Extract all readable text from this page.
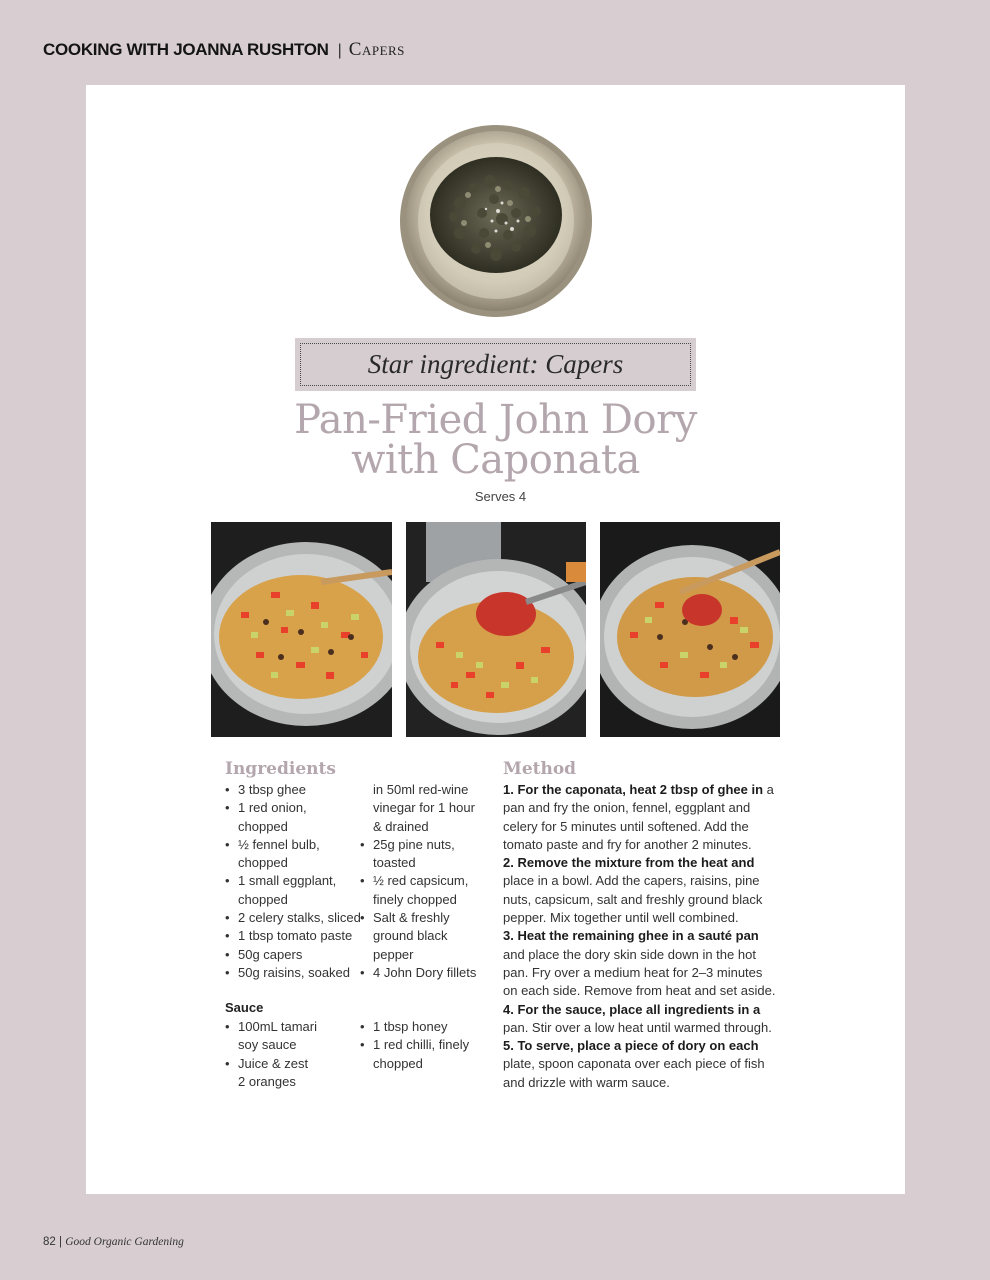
COOKING WITH JOANNA RUSHTON | Capers
Star ingredient: Capers
Pan-Fried John Dory
with Caponata
Serves 4
Ingredients
• 3 tbsp ghee
• 1 red onion,
chopped
• ½ fennel bulb,
chopped
• 1 small eggplant,
chopped
• 2 celery stalks, sliced
• 1 tbsp tomato paste
• 50g capers
• 50g raisins, soaked
in 50ml red-wine
vinegar for 1 hour
& drained
• 25g pine nuts,
toasted
• ½ red capsicum,
finely chopped
• Salt & freshly
ground black
pepper
• 4 John Dory fillets
Sauce
• 100mL tamari
soy sauce
• Juice & zest
2 oranges
• 1 tbsp honey
• 1 red chilli, finely
chopped
Method

1. For the caponata, heat 2 tbsp of ghee in a pan and fry the onion, fennel, eggplant and celery for 5 minutes until softened. Add the tomato paste and fry for another 2 minutes.

2. Remove the mixture from the heat and place in a bowl. Add the capers, raisins, pine nuts, capsicum, salt and freshly ground black pepper. Mix together until well combined.

3. Heat the remaining ghee in a sauté pan and place the dory skin side down in the hot pan. Fry over a medium heat for 2–3 minutes on each side. Remove from heat and set aside.

4. For the sauce, place all ingredients in a pan. Stir over a low heat until warmed through.

5. To serve, place a piece of dory on each plate, spoon caponata over each piece of fish and drizzle with warm sauce.

82 | Good Organic Gardening
